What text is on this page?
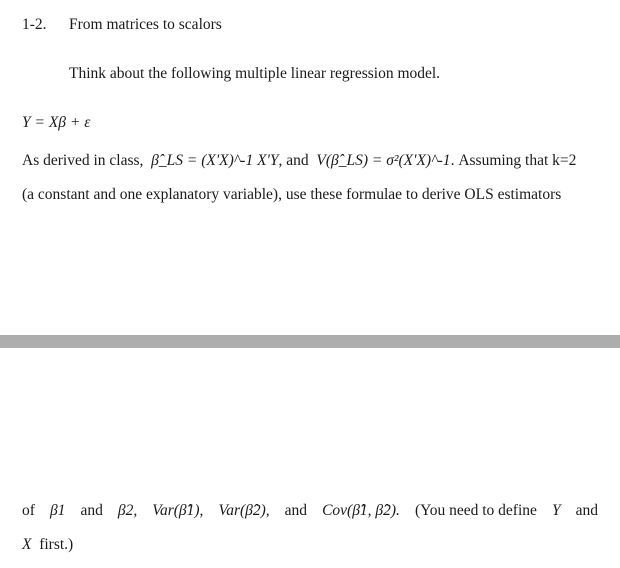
1-2. From matrices to scalors
Think about the following multiple linear regression model.
Y = Xβ + ε
As derived in class, β̂_LS = (X'X)^-1 X'Y, and V(β̂_LS) = σ²(X'X)^-1. Assuming that k=2
(a constant and one explanatory variable), use these formulae to derive OLS estimators
of β1 and β2, Var(β̂1), Var(β̂2), and Cov(β̂1, β̂2). (You need to define Y and
X first.)
